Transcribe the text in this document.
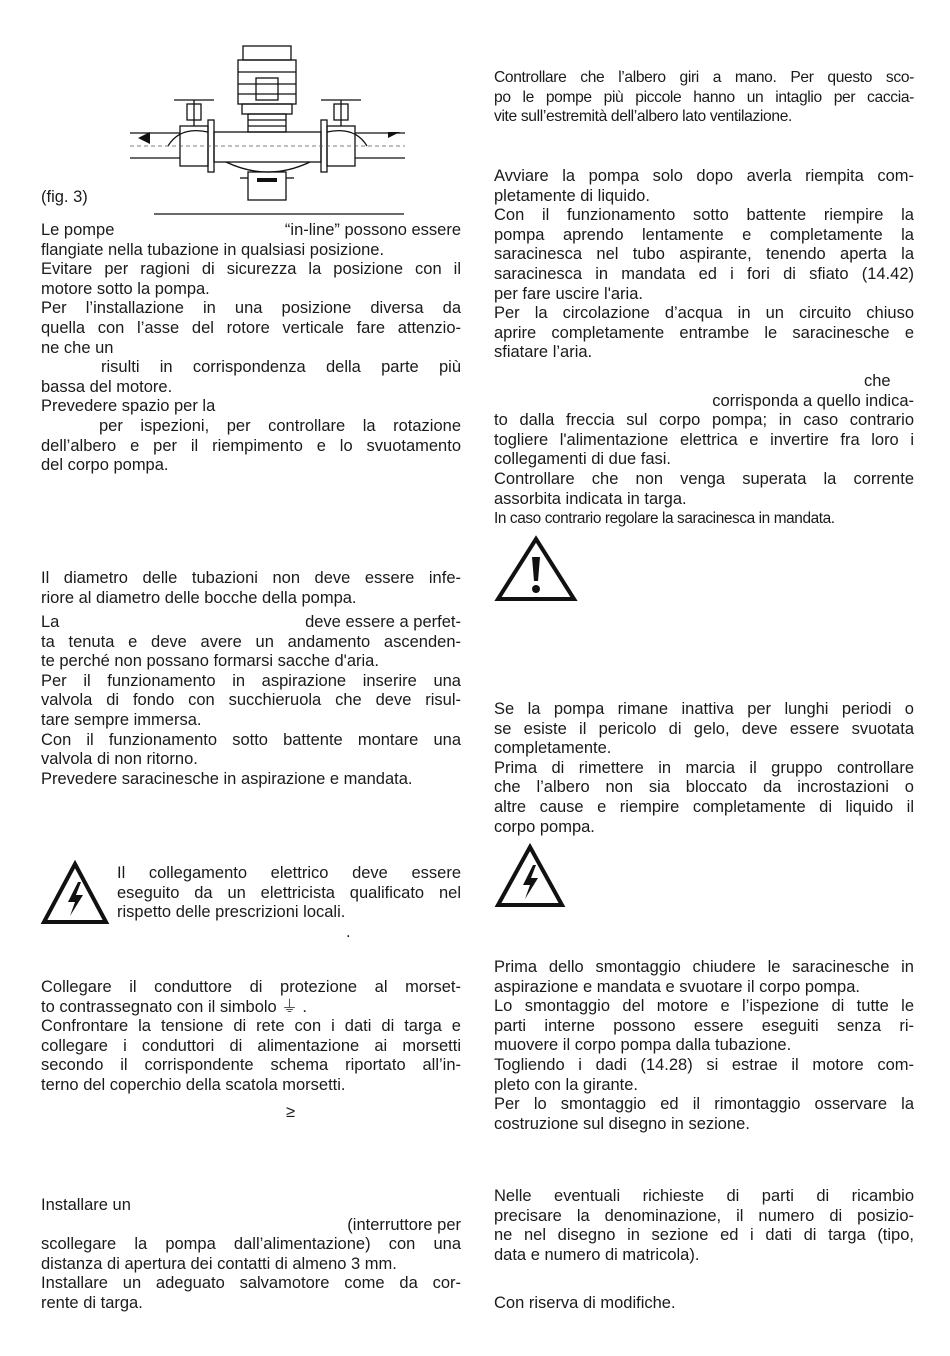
(fig. 3)
Le pompe	“in-line” possono essere
flangiate nella tubazione in qualsiasi posizione.
Evitare per ragioni di sicurezza la posizione con il
motore sotto la pompa.
Per l’installazione in una posizione diversa da
quella con l’asse del rotore verticale fare attenzio-
ne che un
risulti in corrispondenza della parte più
bassa del motore.
Prevedere spazio per la
per ispezioni, per controllare la rotazione
dell’albero e per il riempimento e lo svuotamento
del corpo pompa.
Il diametro delle tubazioni non deve essere infe-
riore al diametro delle bocche della pompa.
La	deve essere a perfet-
ta tenuta e deve avere un andamento ascenden-
te perché non possano formarsi sacche d'aria.
Per il funzionamento in aspirazione inserire una
valvola di fondo con succhieruola che deve risul-
tare sempre immersa.
Con il funzionamento sotto battente montare una
valvola di non ritorno.
Prevedere saracinesche in aspirazione e mandata.
Il collegamento elettrico deve essere
eseguito da un elettricista qualificato nel
rispetto delle prescrizioni locali.
.
Collegare il conduttore di protezione al morset-
to contrassegnato con il simbolo ⏚ .
Confrontare la tensione di rete con i dati di targa e
collegare i conduttori di alimentazione ai morsetti
secondo il corrispondente schema riportato all’in-
terno del coperchio della scatola morsetti.
≥
Installare un
(interruttore per
scollegare la pompa dall’alimentazione) con una
distanza di apertura dei contatti di almeno 3 mm.
Installare un adeguato salvamotore come da cor-
rente di targa.
Controllare che l’albero giri a mano. Per questo sco-
po le pompe più piccole hanno un intaglio per caccia-
vite sull’estremità dell’albero lato ventilazione.
Avviare la pompa solo dopo averla riempita com-
pletamente di liquido.
Con il funzionamento sotto battente riempire la
pompa aprendo lentamente e completamente la
saracinesca nel tubo aspirante, tenendo aperta la
saracinesca in mandata ed i fori di sfiato (14.42)
per fare uscire l'aria.
Per la circolazione d’acqua in un circuito chiuso
aprire completamente entrambe le saracinesche e
sfiatare l’aria.
che
corrisponda a quello indica-
to dalla freccia sul corpo pompa; in caso contrario
togliere l'alimentazione elettrica e invertire fra loro i
collegamenti di due fasi.
Controllare che non venga superata la corrente
assorbita indicata in targa.
In caso contrario regolare la saracinesca in mandata.
Se la pompa rimane inattiva per lunghi periodi o
se esiste il pericolo di gelo, deve essere svuotata
completamente.
Prima di rimettere in marcia il gruppo controllare
che l’albero non sia bloccato da incrostazioni o
altre cause e riempire completamente di liquido il
corpo pompa.
Prima dello smontaggio chiudere le saracinesche in
aspirazione e mandata e svuotare il corpo pompa.
Lo smontaggio del motore e l’ispezione di tutte le
parti interne possono essere eseguiti senza ri-
muovere il corpo pompa dalla tubazione.
Togliendo i dadi (14.28) si estrae il motore com-
pleto con la girante.
Per lo smontaggio ed il rimontaggio osservare la
costruzione sul disegno in sezione.
Nelle eventuali richieste di parti di ricambio
precisare la denominazione, il numero di posizio-
ne nel disegno in sezione ed i dati di targa (tipo,
data e numero di matricola).
Con riserva di modifiche.
